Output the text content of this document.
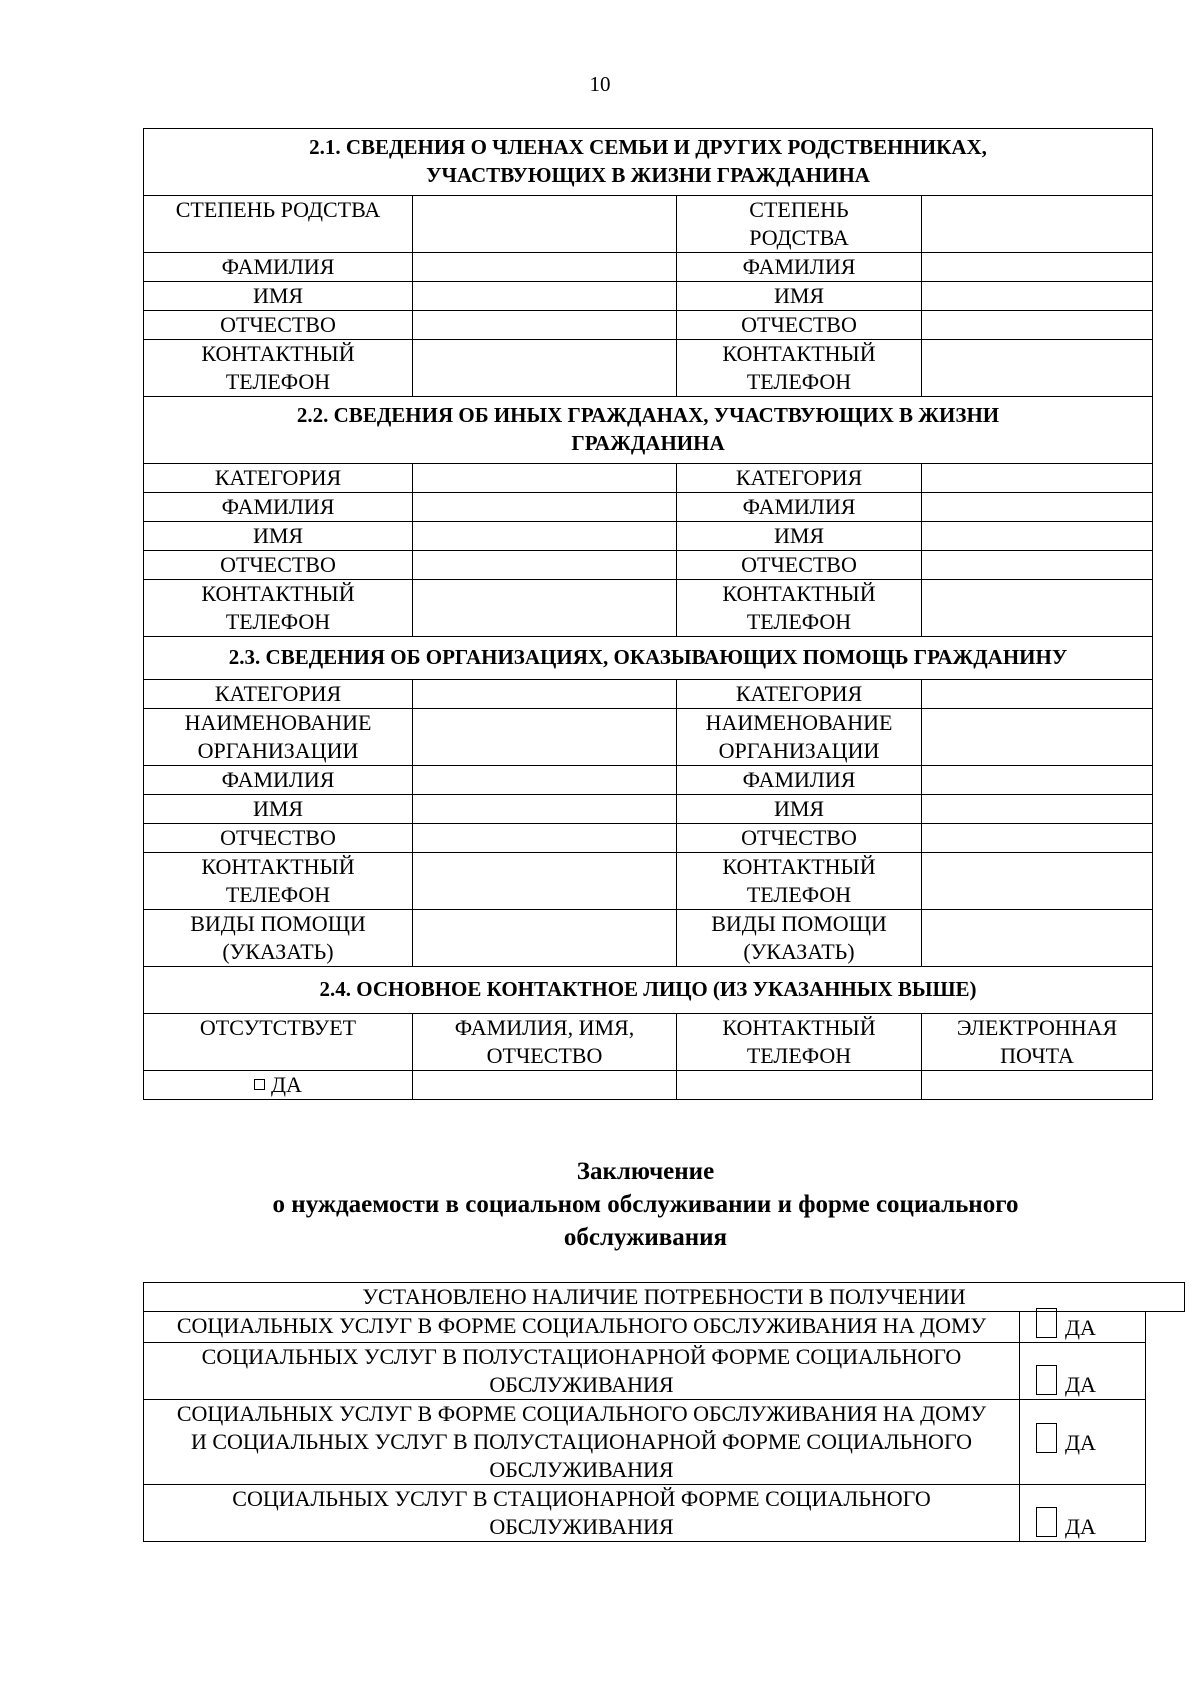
10
2.1. СВЕДЕНИЯ О ЧЛЕНАХ СЕМЬИ И ДРУГИХ РОДСТВЕННИКАХ,
УЧАСТВУЮЩИХ В ЖИЗНИ ГРАЖДАНИНА			

СТЕПЕНЬ РОДСТВА		СТЕПЕНЬ РОДСТВА	
ФАМИЛИЯ		ФАМИЛИЯ	
ИМЯ		ИМЯ	
ОТЧЕСТВО		ОТЧЕСТВО	
КОНТАКТНЫЙ ТЕЛЕФОН		КОНТАКТНЫЙ ТЕЛЕФОН	
2.2. СВЕДЕНИЯ ОБ ИНЫХ ГРАЖДАНАХ, УЧАСТВУЮЩИХ В ЖИЗНИ ГРАЖДАНИНА			
КАТЕГОРИЯ		КАТЕГОРИЯ	
ФАМИЛИЯ		ФАМИЛИЯ	
ИМЯ		ИМЯ	
ОТЧЕСТВО		ОТЧЕСТВО	
КОНТАКТНЫЙ ТЕЛЕФОН		КОНТАКТНЫЙ ТЕЛЕФОН	
2.3. СВЕДЕНИЯ ОБ ОРГАНИЗАЦИЯХ, ОКАЗЫВАЮЩИХ ПОМОЩЬ ГРАЖДАНИНУ			
КАТЕГОРИЯ		КАТЕГОРИЯ	
НАИМЕНОВАНИЕ ОРГАНИЗАЦИИ		НАИМЕНОВАНИЕ ОРГАНИЗАЦИИ	
ФАМИЛИЯ		ФАМИЛИЯ	
ИМЯ		ИМЯ	
ОТЧЕСТВО		ОТЧЕСТВО	
КОНТАКТНЫЙ ТЕЛЕФОН		КОНТАКТНЫЙ ТЕЛЕФОН	
ВИДЫ ПОМОЩИ (УКАЗАТЬ)		ВИДЫ ПОМОЩИ (УКАЗАТЬ)	
2.4. ОСНОВНОЕ КОНТАКТНОЕ ЛИЦО (ИЗ УКАЗАННЫХ ВЫШЕ)			
ОТСУТСТВУЕТ	ФАМИЛИЯ, ИМЯ, ОТЧЕСТВО	КОНТАКТНЫЙ ТЕЛЕФОН	ЭЛЕКТРОННАЯ ПОЧТА
ДА			
Заключение
о нуждаемости в социальном обслуживании и форме социального
обслуживания
УСТАНОВЛЕНО НАЛИЧИЕ ПОТРЕБНОСТИ В ПОЛУЧЕНИИ		
СОЦИАЛЬНЫХ УСЛУГ В ФОРМЕ СОЦИАЛЬНОГО ОБСЛУЖИВАНИЯ НА ДОМУ	ДА	
СОЦИАЛЬНЫХ УСЛУГ В ПОЛУСТАЦИОНАРНОЙ ФОРМЕ СОЦИАЛЬНОГО ОБСЛУЖИВАНИЯ	ДА	
СОЦИАЛЬНЫХ УСЛУГ В ФОРМЕ СОЦИАЛЬНОГО ОБСЛУЖИВАНИЯ НА ДОМУ И СОЦИАЛЬНЫХ УСЛУГ В ПОЛУСТАЦИОНАРНОЙ ФОРМЕ СОЦИАЛЬНОГО ОБСЛУЖИВАНИЯ	ДА	
СОЦИАЛЬНЫХ УСЛУГ В СТАЦИОНАРНОЙ ФОРМЕ СОЦИАЛЬНОГО ОБСЛУЖИВАНИЯ	ДА	
